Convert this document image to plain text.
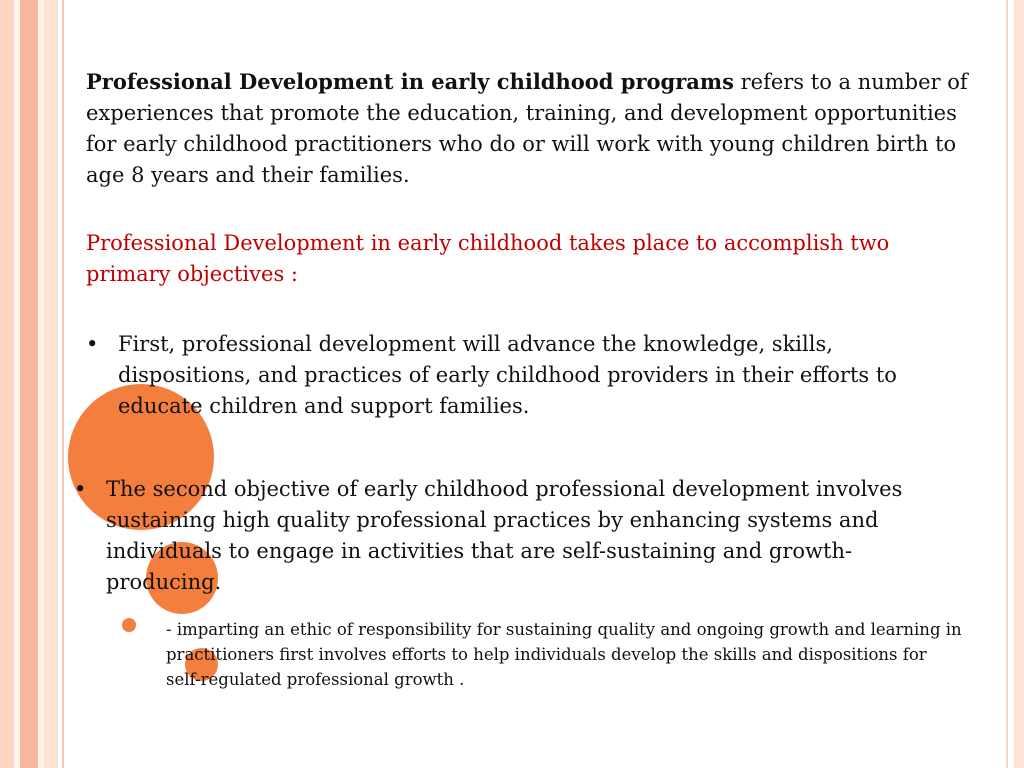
Professional Development in early childhood programs refers to a number of experiences that promote the education, training, and development opportunities for early childhood practitioners who do or will work with young children birth to age 8 years and their families.

Professional Development in early childhood takes place to accomplish two primary objectives :

• First, professional development will advance the knowledge, skills, dispositions, and practices of early childhood providers in their efforts to educate children and support families.
• The second objective of early childhood professional development involves sustaining high quality professional practices by enhancing systems and individuals to engage in activities that are self-sustaining and growth-producing.
- imparting an ethic of responsibility for sustaining quality and ongoing growth and learning in practitioners first involves efforts to help individuals develop the skills and dispositions for self-regulated professional growth .
